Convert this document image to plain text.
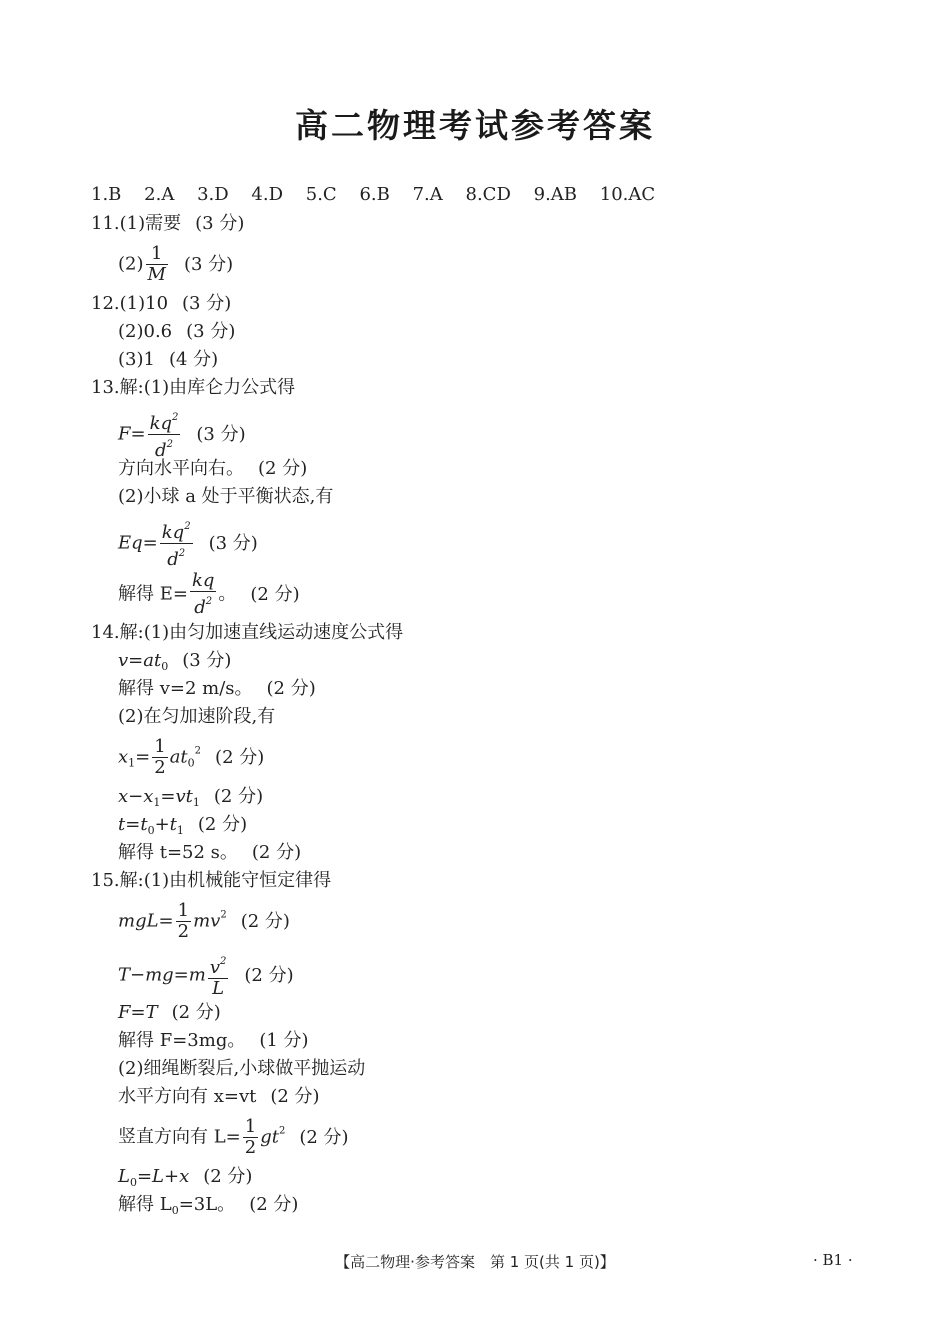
高二物理考试参考答案
1.B 2.A 3.D 4.D 5.C 6.B 7.A 8.CD 9.AB 10.AC
11.(1)需要 (3 分)
$(2) \frac{1}{M} (3$ 分)
12.(1)10 (3 分)
(2)0.6 (3 分)
(3)1 (4 分)
13.解:(1)由库仑力公式得
$F= \frac{kq^2}{d^2} (3$ 分)
方向水平向右。 (2 分)
(2)小球 a 处于平衡状态,有
$Eq= \frac{kq^2}{d^2} (3$ 分)
解得 $E= \frac{kq}{d^2}$ 。 (2 分)
14.解:(1)由匀加速直线运动速度公式得
$v=at_0$ (3 分)
解得 v=2 m/s。 (2 分)
(2)在匀加速阶段,有
$x_1= \frac{1}{2} at_0^2$ (2 分)
$x-x_1=vt_1$ (2 分)
$t=t_0+t_1$ (2 分)
解得 t=52 s。 (2 分)
15.解:(1)由机械能守恒定律得
$mgL= \frac{1}{2} mv^2$ (2 分)
$T-mg=m \frac{v^2}{L} (2$ 分)
F=T (2 分)
解得 F=3mg。 (1 分)
(2)细绳断裂后,小球做平抛运动
水平方向有 x=vt (2 分)
竖直方向有 $L= \frac{1}{2} gt^2$ (2 分)
$L_0=L+x$ (2 分)
解得 $L_0=3L$。 (2 分)
【高二物理·参考答案　第 1 页(共 1 页)】	· B1 ·
